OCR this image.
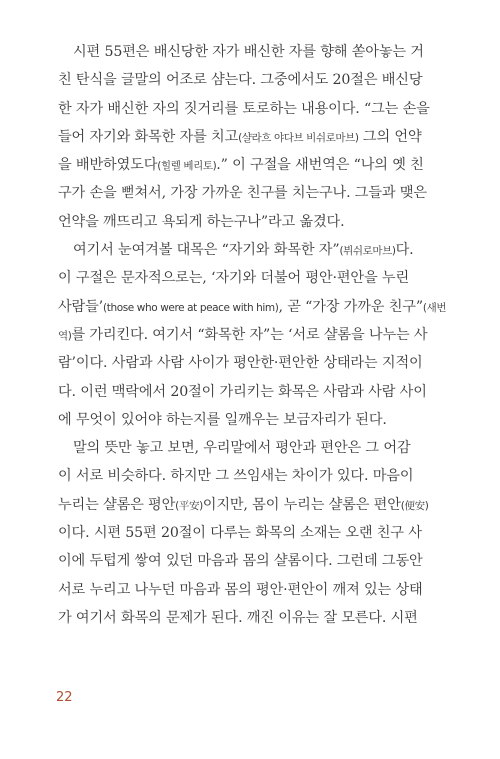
시편 55편은 배신당한 자가 배신한 자를 향해 쏟아놓는 거
친 탄식을 글말의 어조로 샴는다. 그중에서도 20절은 배신당
한 자가 배신한 자의 짓거리를 토로하는 내용이다. “그는 손을
들어 자기와 화목한 자를 치고(샬라흐 야다브 비쉬로마브) 그의 언약
을 배반하였도다(힐렐 베리토).” 이 구절을 새번역은 “나의 옛 친
구가 손을 뻗쳐서, 가장 가까운 친구를 치는구나. 그들과 맺은
언약을 깨뜨리고 욕되게 하는구나”라고 옮겼다.
여기서 눈여겨볼 대목은 “자기와 화목한 자”(뷔쉬로마브)다.
이 구절은 문자적으로는, ‘자기와 더불어 평안·편안을 누린
사람들’(those who were at peace with him), 곧 “가장 가까운 친구”(새번
역)를 가리킨다. 여기서 “화목한 자”는 ‘서로 샬롬을 나누는 사
람’이다. 사람과 사람 사이가 평안한·편안한 상태라는 지적이
다. 이런 맥락에서 20절이 가리키는 화목은 사람과 사람 사이
에 무엇이 있어야 하는지를 일깨우는 보금자리가 된다.
말의 뜻만 놓고 보면, 우리말에서 평안과 편안은 그 어감
이 서로 비슷하다. 하지만 그 쓰임새는 차이가 있다. 마음이
누리는 샬롬은 평안(平安)이지만, 몸이 누리는 샬롬은 편안(便安)
이다. 시편 55편 20절이 다루는 화목의 소재는 오랜 친구 사
이에 두텁게 쌓여 있던 마음과 몸의 샬롬이다. 그런데 그동안
서로 누리고 나누던 마음과 몸의 평안·편안이 깨져 있는 상태
가 여기서 화목의 문제가 된다. 깨진 이유는 잘 모른다. 시편
22
